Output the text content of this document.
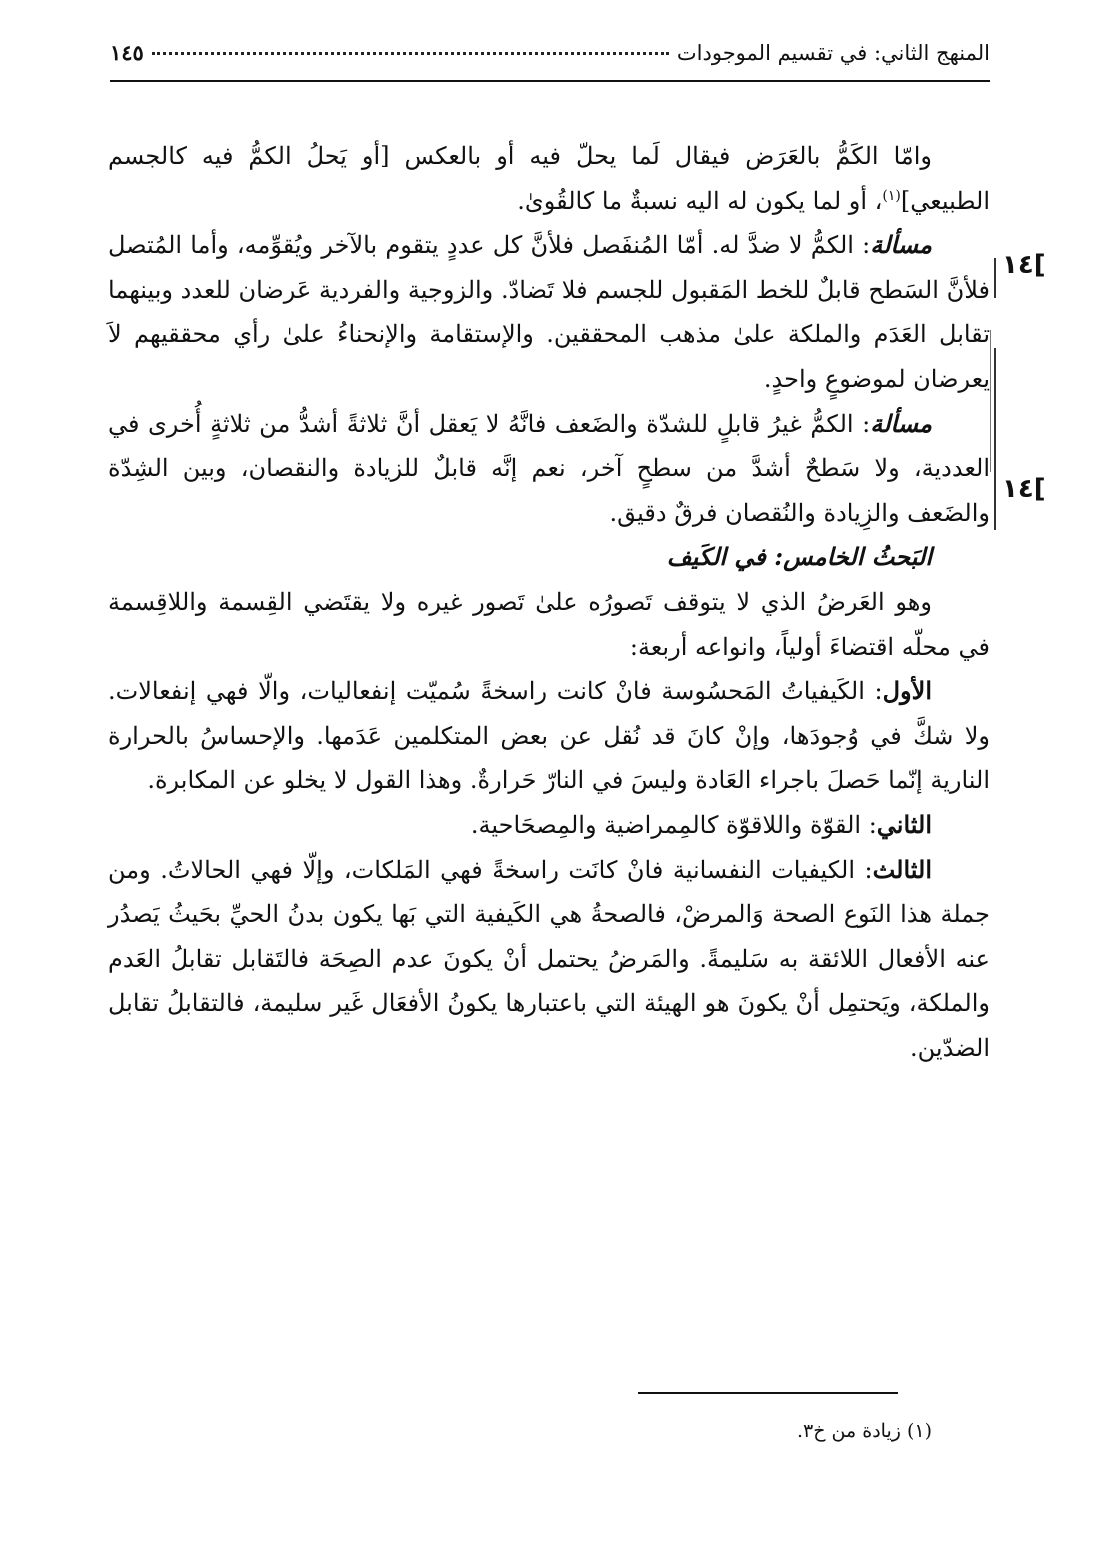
المنهج الثاني: في تقسيم الموجودات
١٤٥
]١٤
]١٤

وامّا الكَمُّ بالعَرَض فيقال لَما يحلّ فيه أو بالعكس [أو يَحلُ الكمُّ فيه كالجسم الطبيعي]$^{(١)}$، أو لما يكون له اليه نسبةٌ ما كالقُوىٰ.

مسألة: الكمُّ لا ضدَّ له. أمّا المُنفَصل فلأنَّ كل عددٍ يتقوم بالآخر ويُقوِّمه، وأما المُتصل فلأنَّ السَطح قابلٌ للخط المَقبول للجسم فلا تَضادّ. والزوجية والفردية عَرضان للعدد وبينهما تقابل العَدَم والملكة علىٰ مذهب المحققين. والإستقامة والإنحناءُ علىٰ رأي محققيهم لاَ يعرضان لموضوعٍ واحدٍ.

مسألة: الكمُّ غيرُ قابلٍ للشدّة والضَعف فانَّهُ لا يَعقل أنَّ ثلاثةً أشدُّ من ثلاثةٍ أُخرى في العددية، ولا سَطحٌ أشدَّ من سطحٍ آخر، نعم إنَّه قابلٌ للزيادة والنقصان، وبين الشِدّة والضَعف والزِيادة والنُقصان فرقٌ دقيق.

البَحثُ الخامس: في الكَيف

وهو العَرضُ الذي لا يتوقف تَصورُه علىٰ تَصور غيره ولا يقتَضي القِسمة واللاقِسمة في محلّه اقتضاءَ أولياً، وانواعه أربعة:

الأول: الكَيفياتُ المَحسُوسة فانْ كانت راسخةً سُميّت إنفعاليات، والّا فهي إنفعالات. ولا شكَّ في وُجودَها، وإنْ كانَ قد نُقل عن بعض المتكلمين عَدَمها. والإحساسُ بالحرارة النارية إنّما حَصلَ باجراء العَادة وليسَ في النارّ حَرارةٌ. وهذا القول لا يخلو عن المكابرة.

الثاني: القوّة واللاقوّة كالمِمراضية والمِصحَاحية.

الثالث: الكيفيات النفسانية فانْ كانَت راسخةً فهي المَلكات، وإلّا فهي الحالاتُ. ومن جملة هذا النَوع الصحة وَالمرضْ، فالصحةُ هي الكَيفية التي بَها يكون بدنُ الحيِّ بحَيثُ يَصدُر عنه الأفعال اللائقة به سَليمةً. والمَرضُ يحتمل أنْ يكونَ عدم الصِحَة فالتَقابل تقابلُ العَدم والملكة، ويَحتمِل أنْ يكونَ هو الهيئة التي باعتبارها يكونُ الأفعَال غَير سليمة، فالتقابلُ تقابل الضدّين.

(١) زيادة من خ٣.
